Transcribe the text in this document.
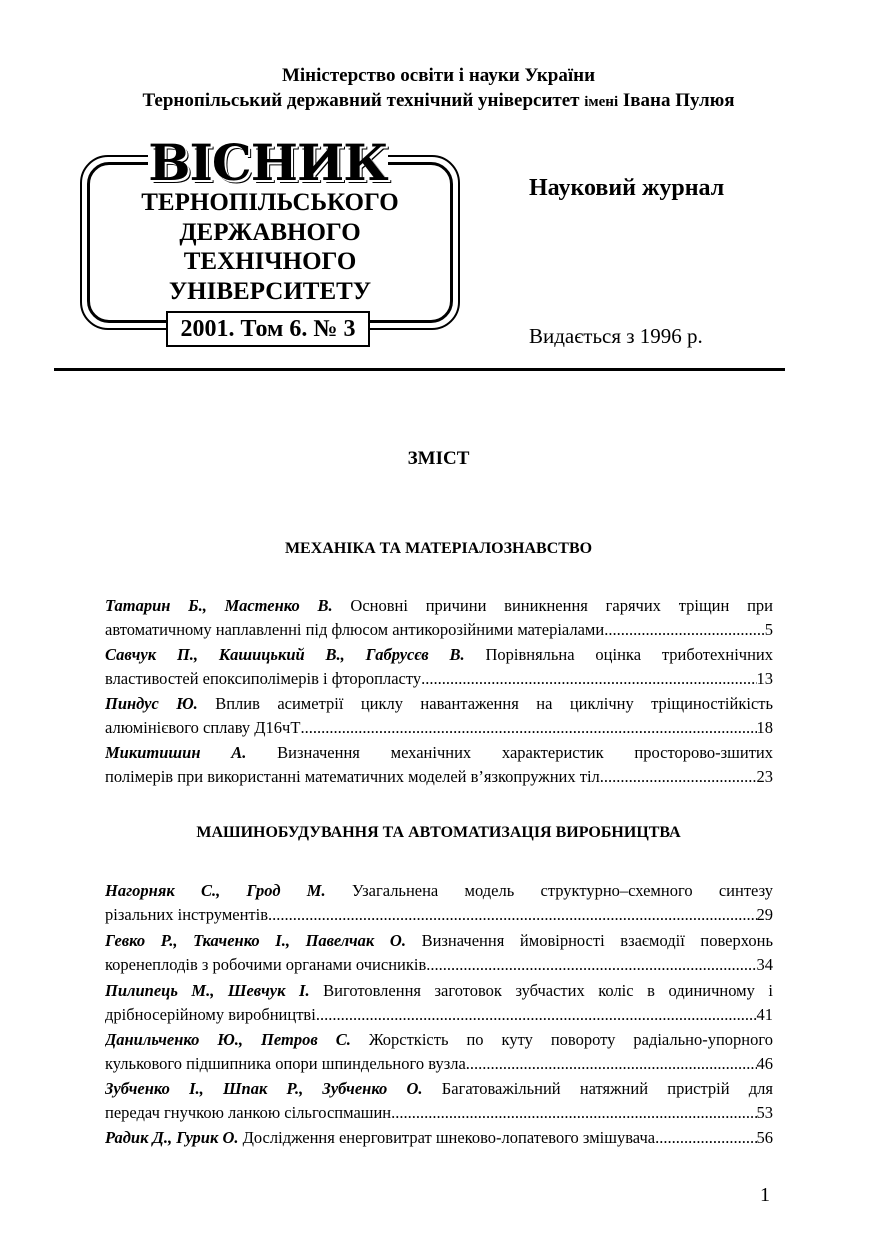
Міністерство освіти і науки України
Тернопільський державний технічний університет імені Івана Пулюя
ВІСНИК
ТЕРНОПІЛЬСЬКОГО
ДЕРЖАВНОГО
ТЕХНІЧНОГО
УНІВЕРСИТЕТУ
2001. Том 6. № 3
Науковий журнал
Видається з 1996 р.
ЗМІСТ
МЕХАНІКА ТА МАТЕРІАЛОЗНАВСТВО
Татарин Б., Мастенко В. Основні причини виникнення гарячих тріщин при
автоматичному наплавленні під флюсом антикорозійними матеріалами .....	5
Савчук П., Кашицький В., Габрусєв В. Порівняльна оцінка триботехнічних
властивостей епоксиполімерів і фторопласту .....	13
Пиндус Ю. Вплив асиметрії циклу навантаження на циклічну тріщиностійкість
алюмінієвого сплаву Д16чТ .....	18
Микитишин А. Визначення механічних характеристик просторово-зшитих
полімерів при використанні математичних моделей в’язкопружних тіл .....	23
МАШИНОБУДУВАННЯ ТА АВТОМАТИЗАЦІЯ ВИРОБНИЦТВА
Нагорняк С., Грод М. Узагальнена модель структурно–схемного синтезу
різальних інструментів .....	29
Гевко Р., Ткаченко І., Павелчак О. Визначення ймовірності взаємодії поверхонь
коренеплодів з робочими органами очисників .....	34
Пилипець М., Шевчук І. Виготовлення заготовок зубчастих коліс в одиничному і
дрібносерійному виробництві .....	41
Данильченко Ю., Петров С. Жорсткість по куту повороту радіально-упорного
кулькового підшипника опори шпиндельного вузла .....	46
Зубченко І., Шпак Р., Зубченко О. Багатоважільний натяжний пристрій для
передач гнучкою ланкою сільгоспмашин .....	53
Радик Д., Гурик О. Дослідження енерговитрат шнеково-лопатевого змішувача .....	56
1
